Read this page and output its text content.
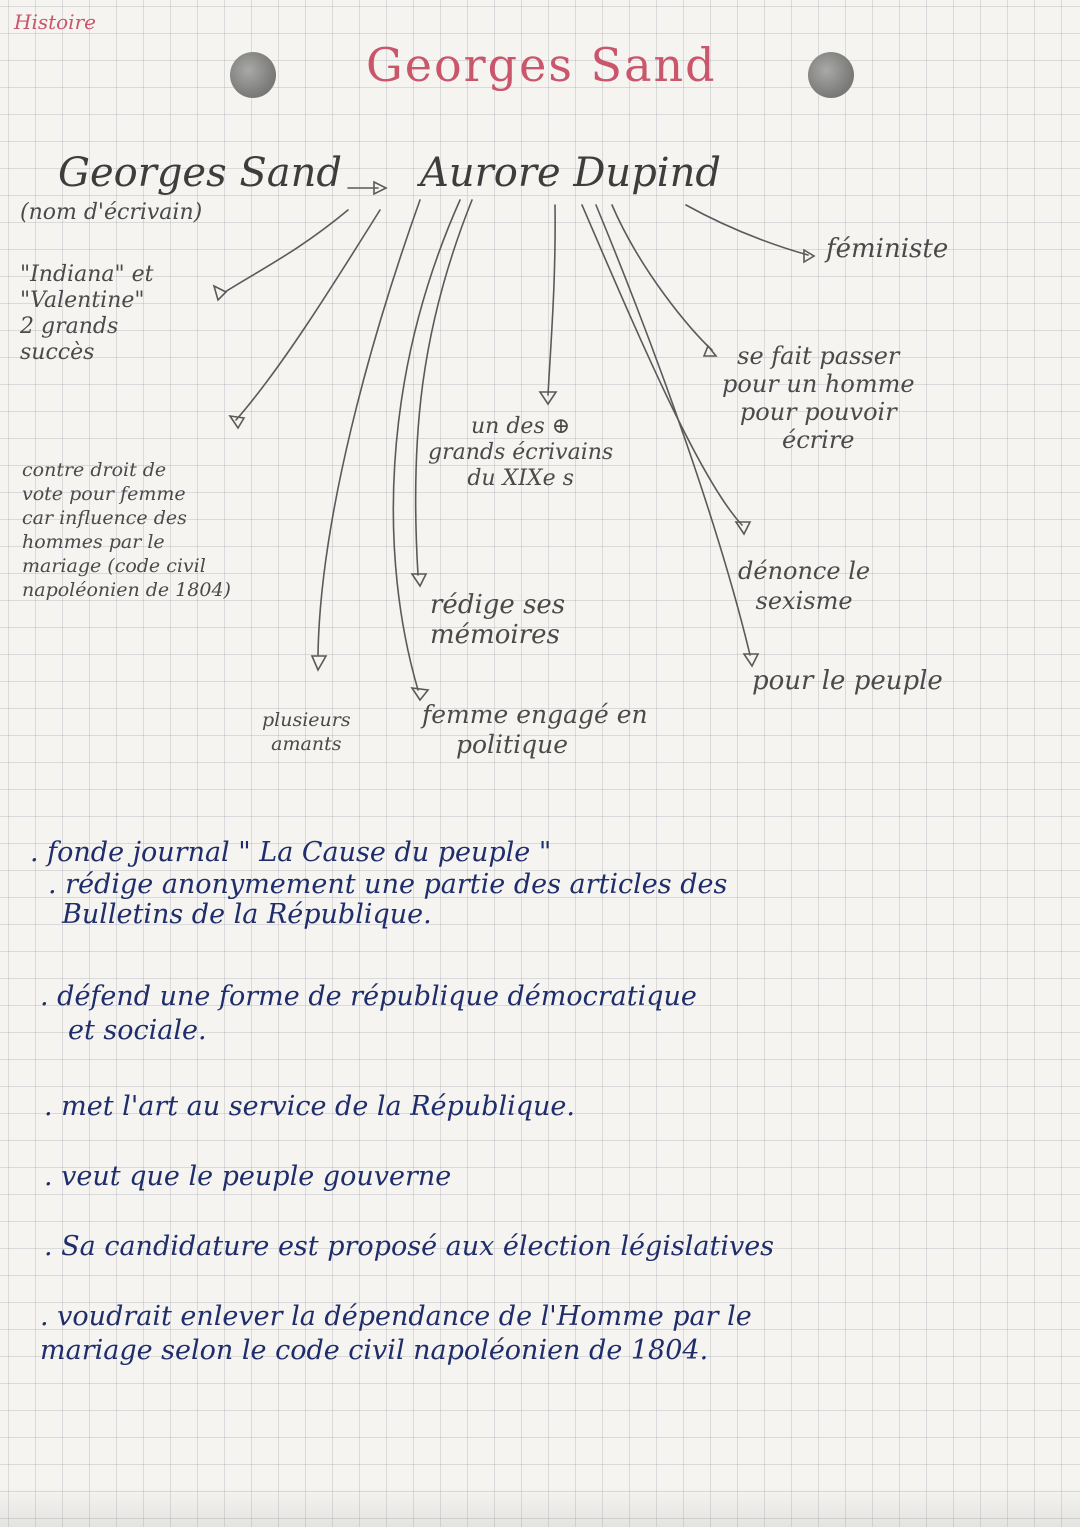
Histoire
Georges Sand
Georges Sand
(nom d'écrivain)
Aurore Dupind
féministe
"Indiana" et
"Valentine"
2 grands
succès
contre droit de
vote pour femme
car influence des
hommes par le
mariage (code civil
napoléonien de 1804)
plusieurs
amants
un des ⊕
grands écrivains
du XIXe s
se fait passer
pour un homme
pour pouvoir
écrire
dénonce le
sexisme
rédige ses
mémoires
pour le peuple
femme engagé en
politique
. fonde journal " La Cause du peuple "
. rédige anonymement une partie des articles des
Bulletins de la République.
. défend une forme de république démocratique
et sociale.
. met l'art au service de la République.
. veut que le peuple gouverne
. Sa candidature est proposé aux élection législatives
. voudrait enlever la dépendance de l'Homme par le
mariage selon le code civil napoléonien de 1804.
